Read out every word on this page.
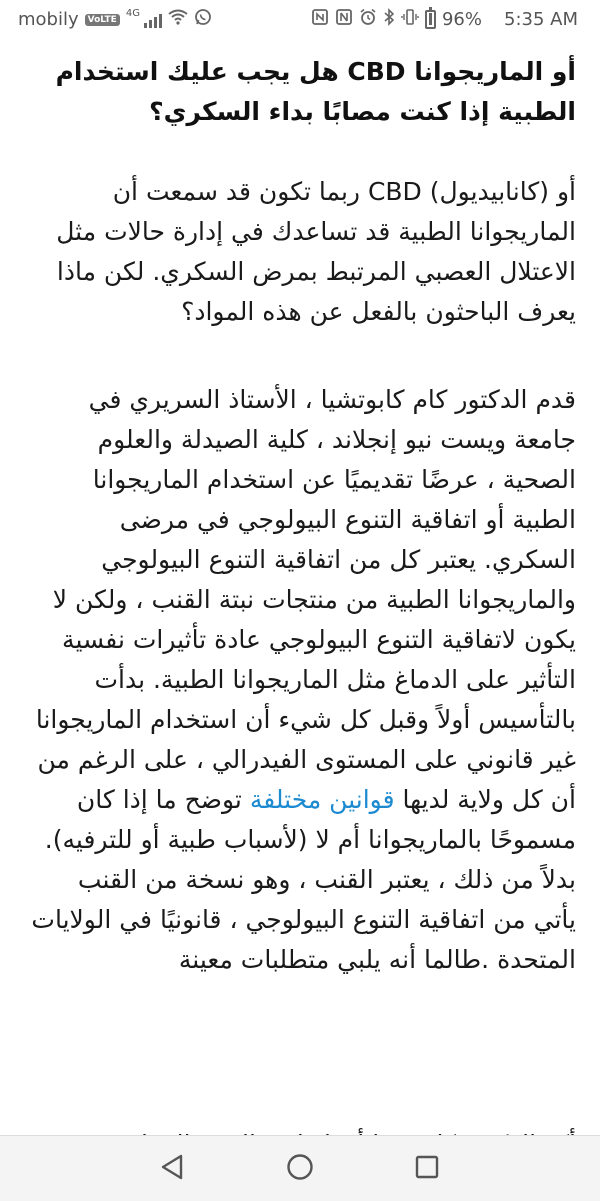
mobily	VoLTE
4G	96% 5:35 AM
أو الماريجوانا CBD هل يجب عليك استخدام الطبية إذا كنت مصابًا بداء السكري؟

أو (كانابيديول) CBD ربما تكون قد سمعت أن الماريجوانا الطبية قد تساعدك في إدارة حالات مثل الاعتلال العصبي المرتبط بمرض السكري. لكن ماذا يعرف الباحثون بالفعل عن هذه المواد؟

قدم الدكتور كام كابوتشيا ، الأستاذ السريري في جامعة ويست نيو إنجلاند ، كلية الصيدلة والعلوم الصحية ، عرضًا تقديميًا عن استخدام الماريجوانا الطبية أو اتفاقية التنوع البيولوجي في مرضى السكري. يعتبر كل من اتفاقية التنوع البيولوجي والماريجوانا الطبية من منتجات نبتة القنب ، ولكن لا يكون لاتفاقية التنوع البيولوجي عادة تأثيرات نفسية التأثير على الدماغ مثل الماريجوانا الطبية. بدأت بالتأسيس أولاً وقبل كل شيء أن استخدام الماريجوانا غير قانوني على المستوى الفيدرالي ، على الرغم من أن كل ولاية لديها قوانين مختلفة توضح ما إذا كان مسموحًا بالماريجوانا أم لا (لأسباب طبية أو للترفيه). بدلاً من ذلك ، يعتبر القنب ، وهو نسخة من القنب يأتي من اتفاقية التنوع البيولوجي ، قانونيًا في الولايات المتحدة .طالما أنه يلبي متطلبات معينة
